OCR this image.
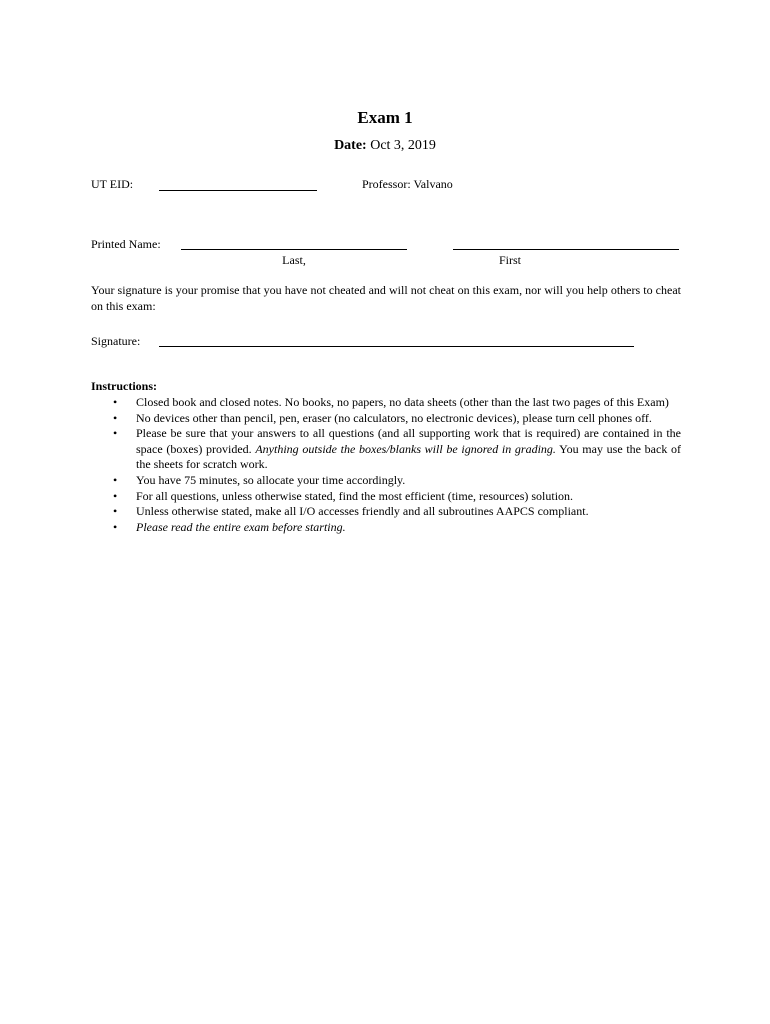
Exam 1
Date: Oct 3, 2019
UT EID:	Professor: Valvano
Printed Name:
Last,	First
Your signature is your promise that you have not cheated and will not cheat on this exam, nor will you help others to cheat on this exam:
Signature:
Instructions:
• Closed book and closed notes. No books, no papers, no data sheets (other than the last two pages of this Exam)
• No devices other than pencil, pen, eraser (no calculators, no electronic devices), please turn cell phones off.
• Please be sure that your answers to all questions (and all supporting work that is required) are contained in the space (boxes) provided. Anything outside the boxes/blanks will be ignored in grading. You may use the back of the sheets for scratch work.
• You have 75 minutes, so allocate your time accordingly.
• For all questions, unless otherwise stated, find the most efficient (time, resources) solution.
• Unless otherwise stated, make all I/O accesses friendly and all subroutines AAPCS compliant.
• Please read the entire exam before starting.
